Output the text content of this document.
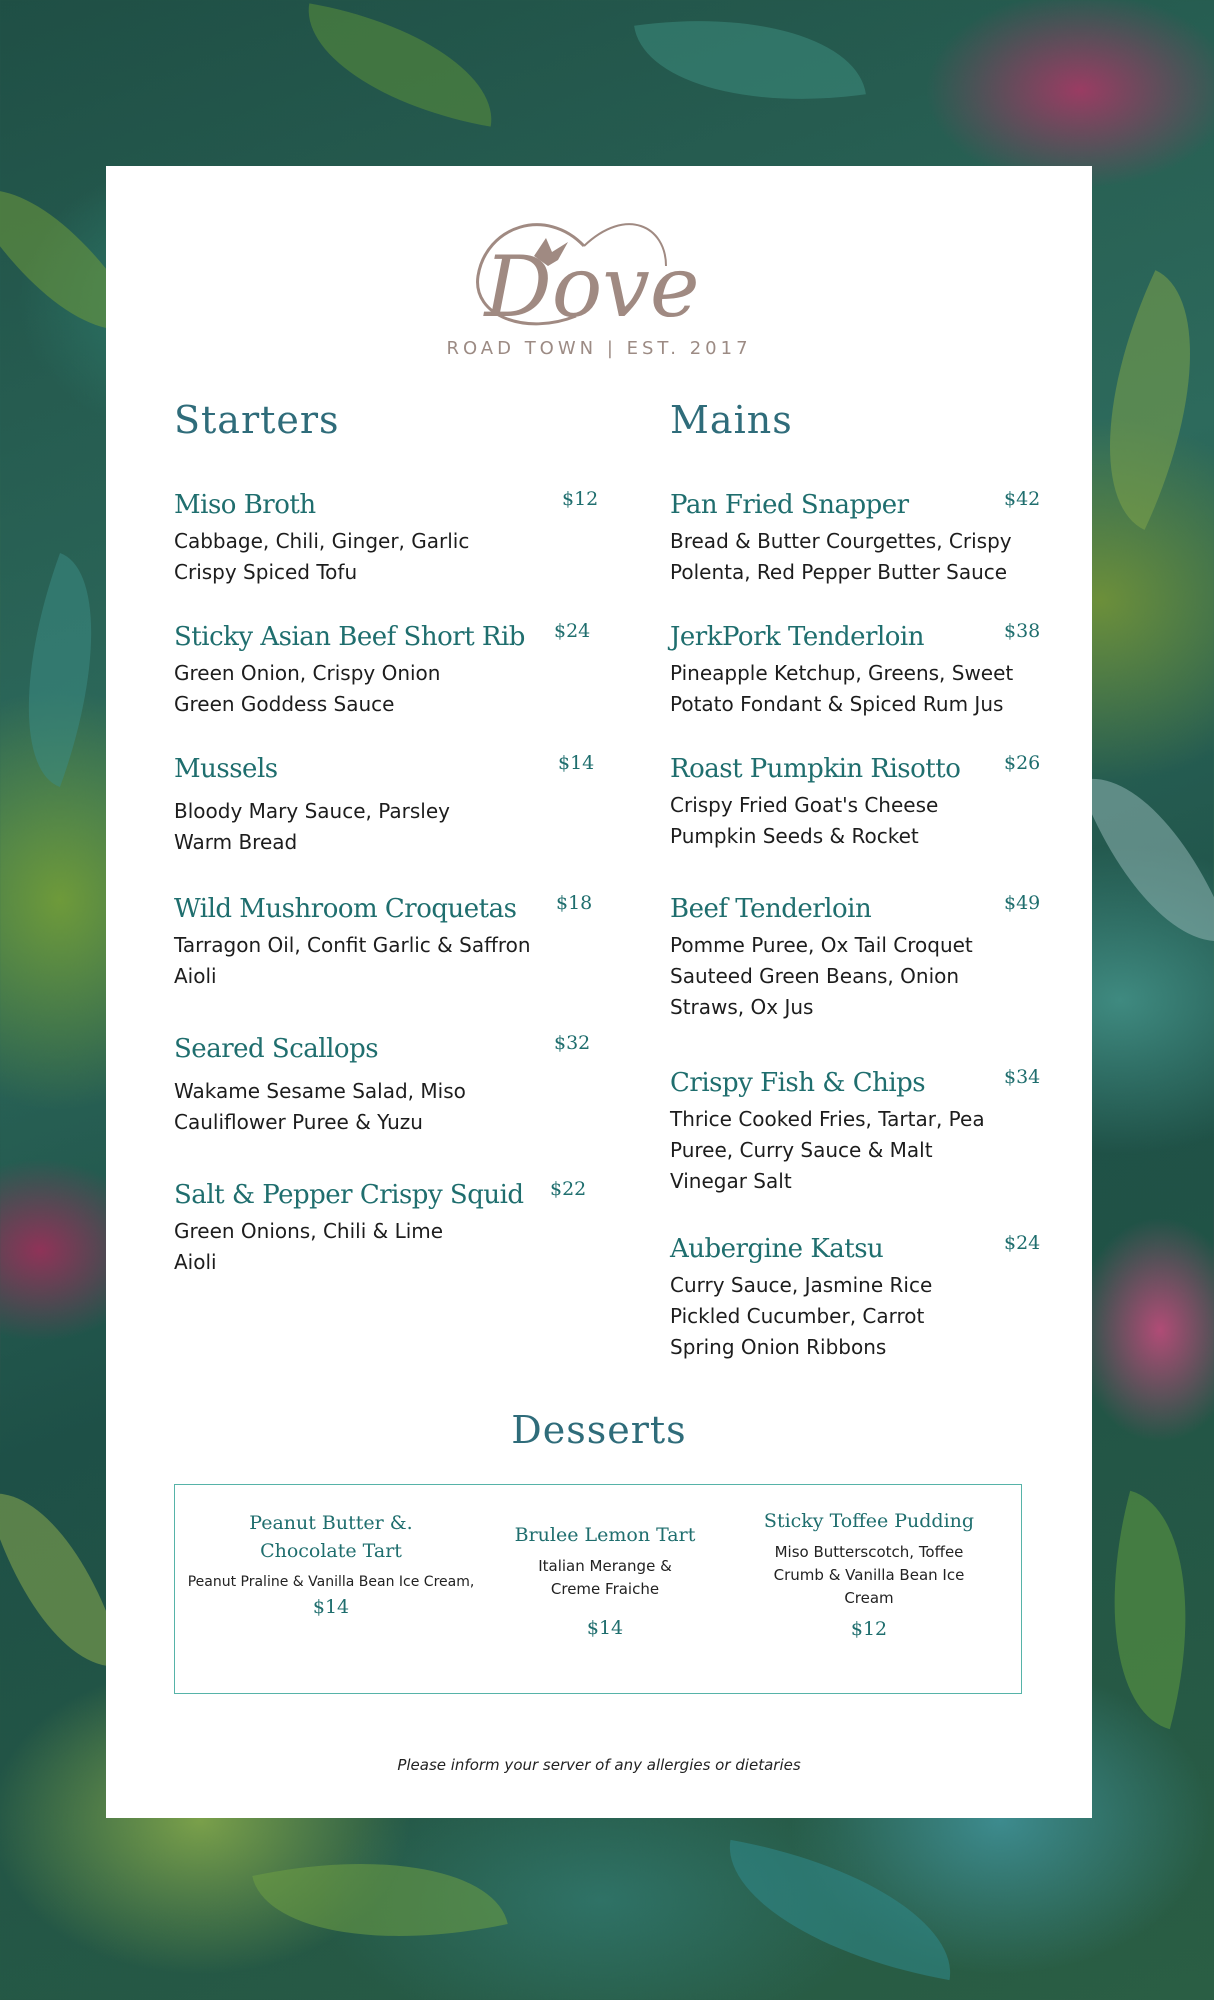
Dove
ROAD TOWN | EST. 2017
Starters
Miso Broth	$12
Cabbage, Chili, Ginger, Garlic
Crispy Spiced Tofu
Sticky Asian Beef Short Rib $24
Green Onion, Crispy Onion
Green Goddess Sauce
Mussels	$14
Bloody Mary Sauce, Parsley
Warm Bread
Wild Mushroom Croquetas $18
Tarragon Oil, Confit Garlic & Saffron
Aioli
Seared Scallops	$32
Wakame Sesame Salad, Miso
Cauliflower Puree & Yuzu
Salt & Pepper Crispy Squid $22
Green Onions, Chili & Lime
Aioli
Mains
Pan Fried Snapper	$42
Bread & Butter Courgettes, Crispy
Polenta, Red Pepper Butter Sauce
JerkPork Tenderloin	$38
Pineapple Ketchup, Greens, Sweet
Potato Fondant & Spiced Rum Jus
Roast Pumpkin Risotto $26
Crispy Fried Goat's Cheese
Pumpkin Seeds & Rocket
Beef Tenderloin	$49
Pomme Puree, Ox Tail Croquet
Sauteed Green Beans, Onion
Straws, Ox Jus
Crispy Fish & Chips	$34
Thrice Cooked Fries, Tartar, Pea
Puree, Curry Sauce & Malt
Vinegar Salt
Aubergine Katsu	$24
Curry Sauce, Jasmine Rice
Pickled Cucumber, Carrot
Spring Onion Ribbons
Desserts
Peanut Butter &. Chocolate Tart
Peanut Praline & Vanilla Bean Ice Cream,
$14
Brulee Lemon Tart
Italian Merange & Creme Fraiche
$14
Sticky Toffee Pudding
Miso Butterscotch, Toffee Crumb & Vanilla Bean Ice Cream
$12
Please inform your server of any allergies or dietaries
